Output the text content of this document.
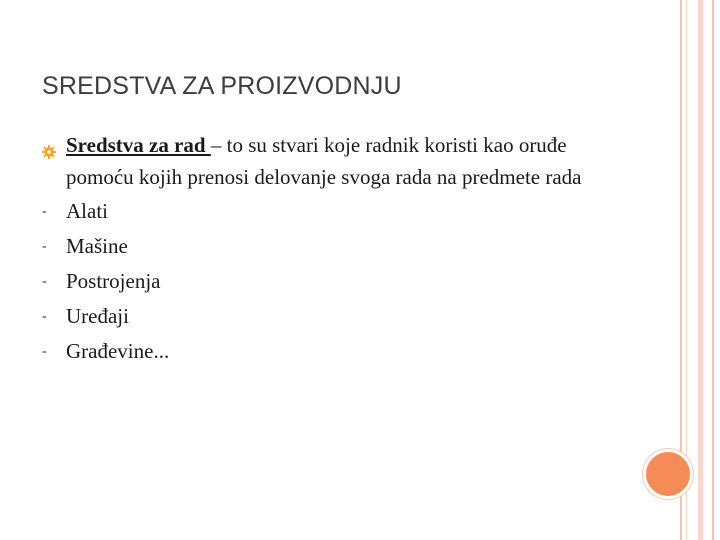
SREDSTVA ZA PROIZVODNJU
Sredstva za rad – to su stvari koje radnik koristi kao oruđe pomoću kojih prenosi delovanje svoga rada na predmete rada
- Alati
- Mašine
- Postrojenja
- Uređaji
- Građevine...
